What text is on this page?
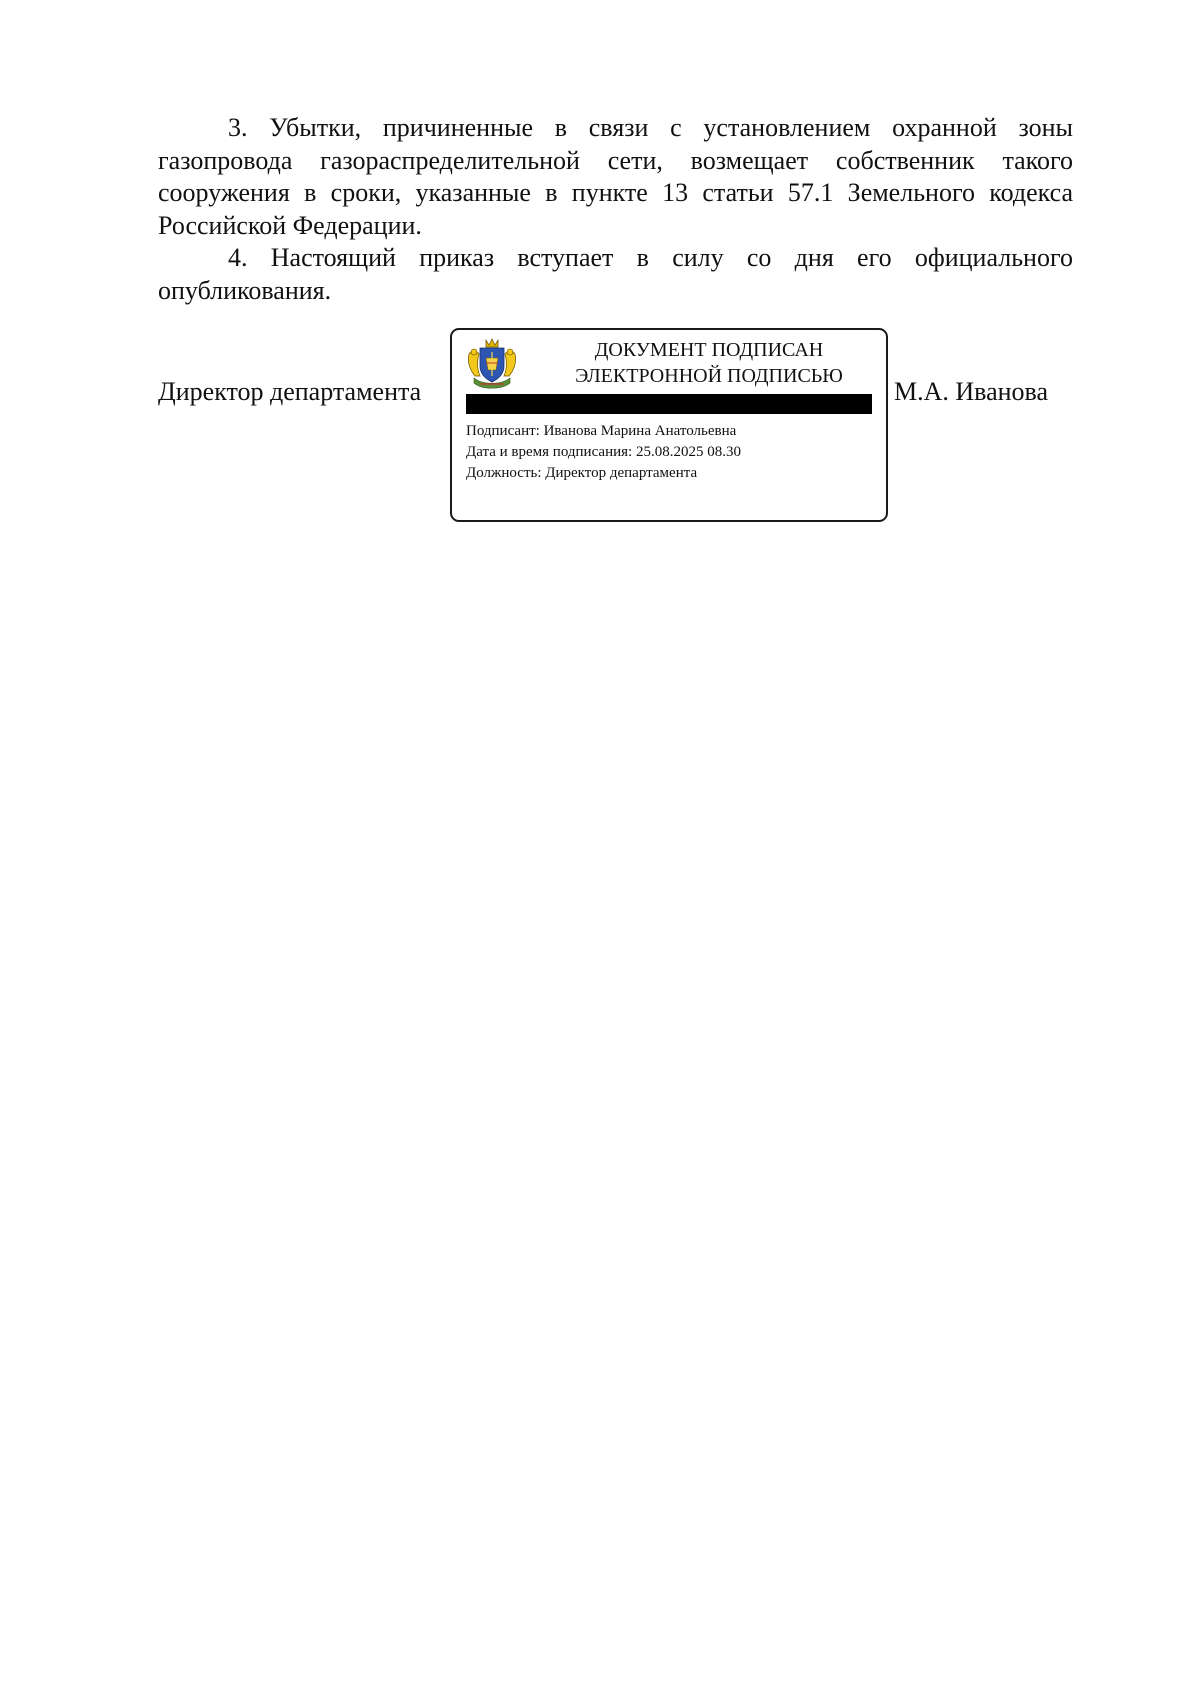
3. Убытки, причиненные в связи с установлением охранной зоны газопровода газораспределительной сети, возмещает собственник такого сооружения в сроки, указанные в пункте 13 статьи 57.1 Земельного кодекса Российской Федерации.

4. Настоящий приказ вступает в силу со дня его официального опубликования.

Директор департамента
ДОКУМЕНТ ПОДПИСАН
ЭЛЕКТРОННОЙ ПОДПИСЬЮ
Подписант: Иванова Марина Анатольевна
Дата и время подписания: 25.08.2025 08.30
Должность: Директор департамента
М.А. Иванова
